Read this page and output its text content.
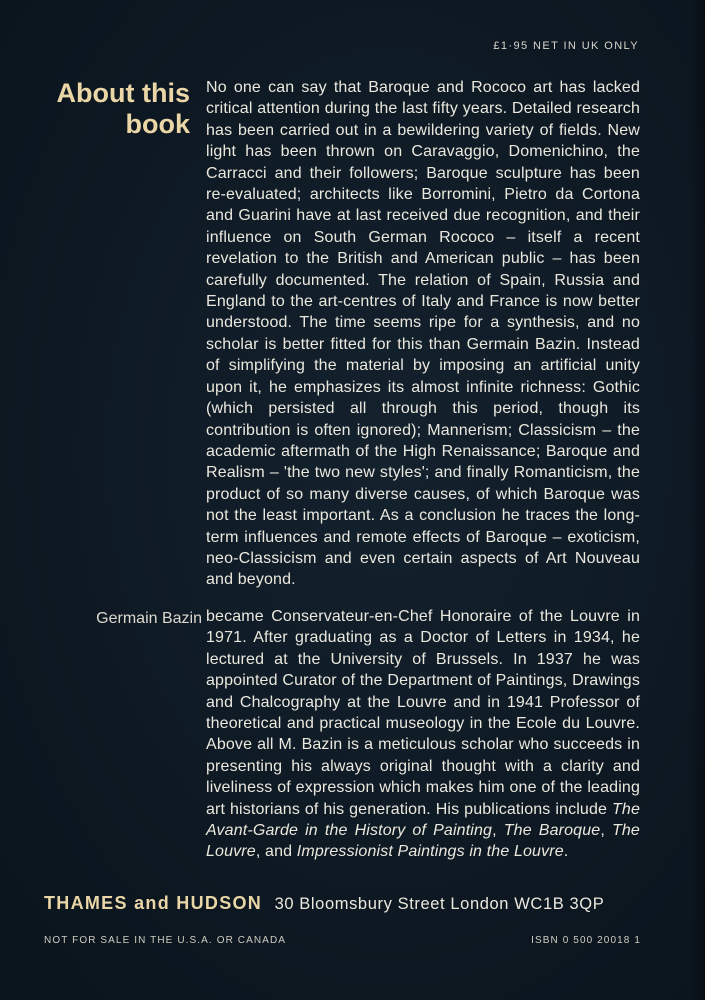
£1·95 NET IN UK ONLY
About this book
No one can say that Baroque and Rococo art has lacked critical attention during the last fifty years. Detailed research has been carried out in a bewildering variety of fields. New light has been thrown on Caravaggio, Domenichino, the Carracci and their followers; Baroque sculpture has been re-evaluated; architects like Borromini, Pietro da Cortona and Guarini have at last received due recognition, and their influence on South German Rococo – itself a recent revelation to the British and American public – has been carefully documented. The relation of Spain, Russia and England to the art-centres of Italy and France is now better understood. The time seems ripe for a synthesis, and no scholar is better fitted for this than Germain Bazin. Instead of simplifying the material by imposing an artificial unity upon it, he emphasizes its almost infinite richness: Gothic (which persisted all through this period, though its contribution is often ignored); Mannerism; Classicism – the academic aftermath of the High Renaissance; Baroque and Realism – 'the two new styles'; and finally Romanticism, the product of so many diverse causes, of which Baroque was not the least important. As a conclusion he traces the long-term influences and remote effects of Baroque – exoticism, neo-Classicism and even certain aspects of Art Nouveau and beyond.
Germain Bazin became Conservateur-en-Chef Honoraire of the Louvre in 1971. After graduating as a Doctor of Letters in 1934, he lectured at the University of Brussels. In 1937 he was appointed Curator of the Department of Paintings, Drawings and Chalcography at the Louvre and in 1941 Professor of theoretical and practical museology in the Ecole du Louvre. Above all M. Bazin is a meticulous scholar who succeeds in presenting his always original thought with a clarity and liveliness of expression which makes him one of the leading art historians of his generation. His publications include The Avant-Garde in the History of Painting, The Baroque, The Louvre, and Impressionist Paintings in the Louvre.
THAMES and HUDSON 30 Bloomsbury Street London WC1B 3QP
NOT FOR SALE IN THE U.S.A. OR CANADA	ISBN 0 500 20018 1
